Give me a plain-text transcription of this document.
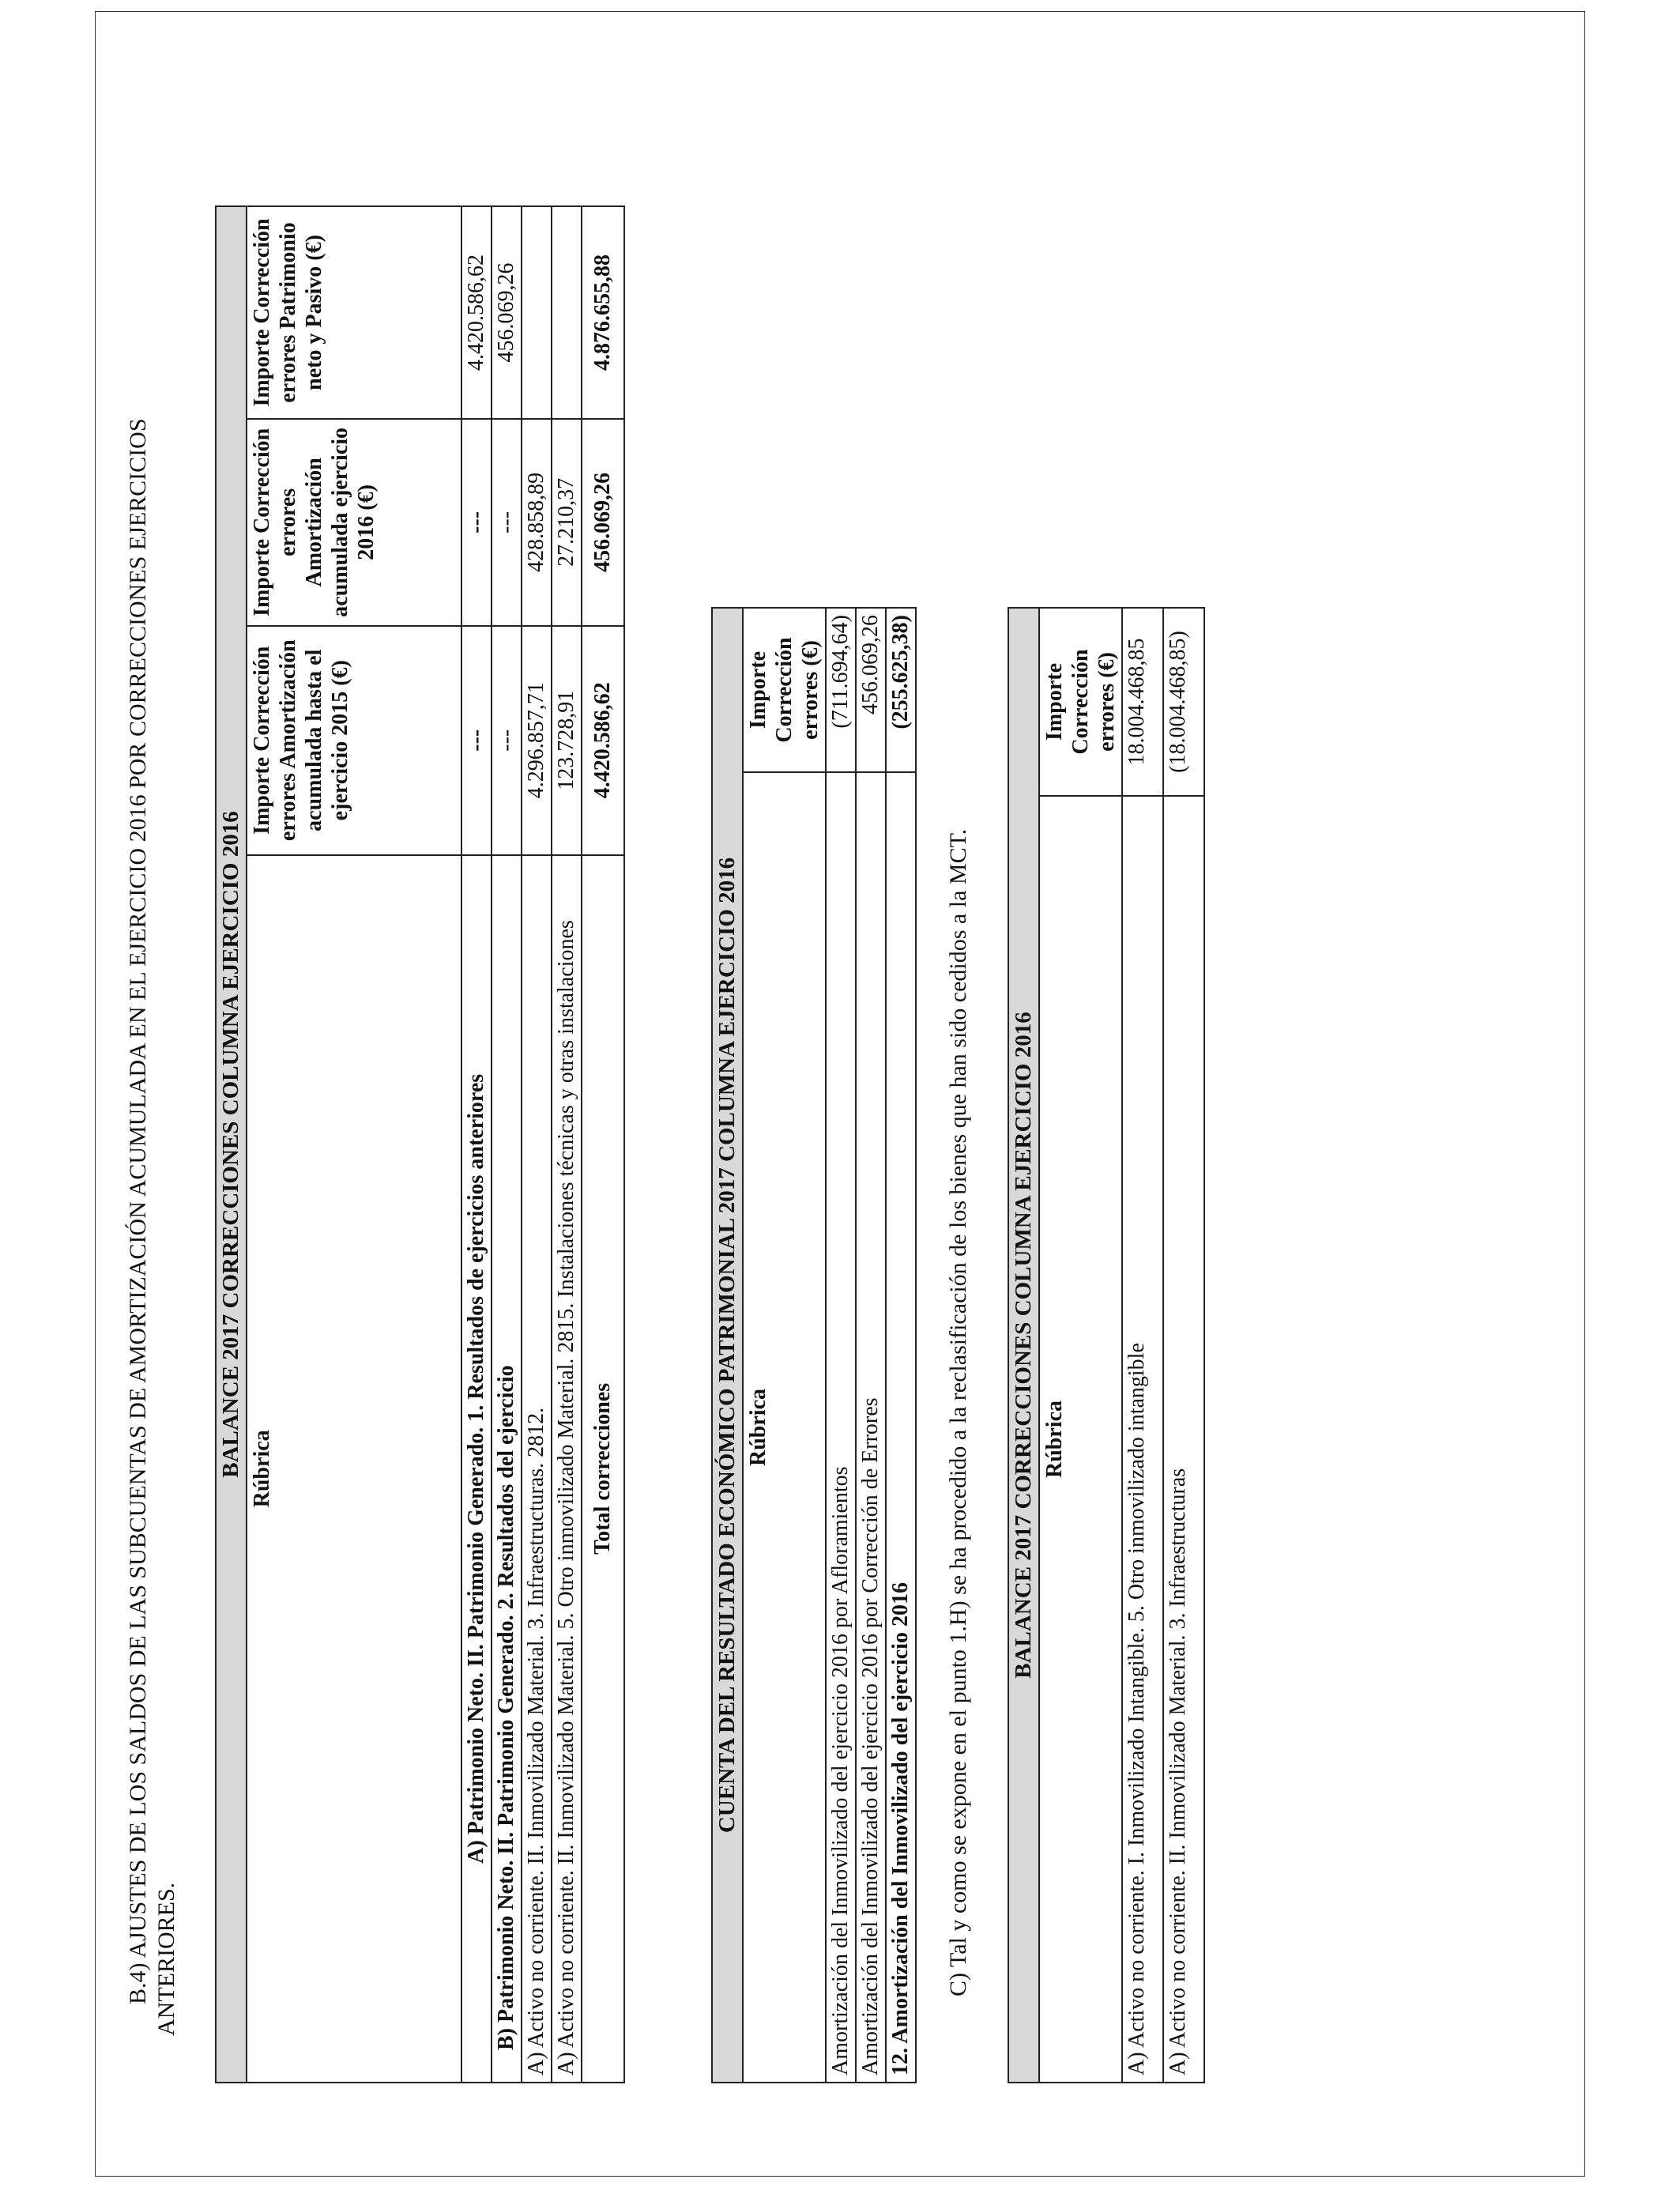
B.4) AJUSTES DE LOS SALDOS DE LAS SUBCUENTAS DE AMORTIZACIÓN ACUMULADA EN EL EJERCICIO 2016 POR CORRECCIONES EJERCICIOS ANTERIORES.
BALANCE 2017 CORRECCIONES COLUMNA EJERCICIO 2016			
Rúbrica	Importe Corrección errores Amortización acumulada hasta el ejercicio 2015 (€)	Importe Corrección errores Amortización acumulada ejercicio 2016 (€)	Importe Corrección errores Patrimonio neto y Pasivo (€)
A) Patrimonio Neto. II. Patrimonio Generado. 1. Resultados de ejercicios anteriores	---	---	4.420.586,62
B) Patrimonio Neto. II. Patrimonio Generado. 2. Resultados del ejercicio	---	---	456.069,26
A) Activo no corriente. II. Inmovilizado Material. 3. Infraestructuras. 2812.	4.296.857,71	428.858,89	
A) Activo no corriente. II. Inmovilizado Material. 5. Otro inmovilizado Material. 2815. Instalaciones técnicas y otras instalaciones	123.728,91	27.210,37	
Total correcciones	4.420.586,62	456.069,26	4.876.655,88
CUENTA DEL RESULTADO ECONÓMICO PATRIMONIAL 2017 COLUMNA EJERCICIO 2016	
Rúbrica	Importe Corrección errores (€)
Amortización del Inmovilizado del ejercicio 2016 por Afloramientos	(711.694,64)
Amortización del Inmovilizado del ejercicio 2016 por Corrección de Errores	456.069,26
12. Amortización del Inmovilizado del ejercicio 2016	(255.625,38)
C) Tal y como se expone en el punto 1.H) se ha procedido a la reclasificación de los bienes que han sido cedidos a la MCT. BALANCE 2017 CORRECCIONES COLUMNA EJERCICIO 2016	
Rúbrica	Importe Corrección errores (€)
A) Activo no corriente. I. Inmovilizado Intangible. 5. Otro inmovilizado intangible	18.004.468,85
A) Activo no corriente. II. Inmovilizado Material. 3. Infraestructuras	(18.004.468,85)
